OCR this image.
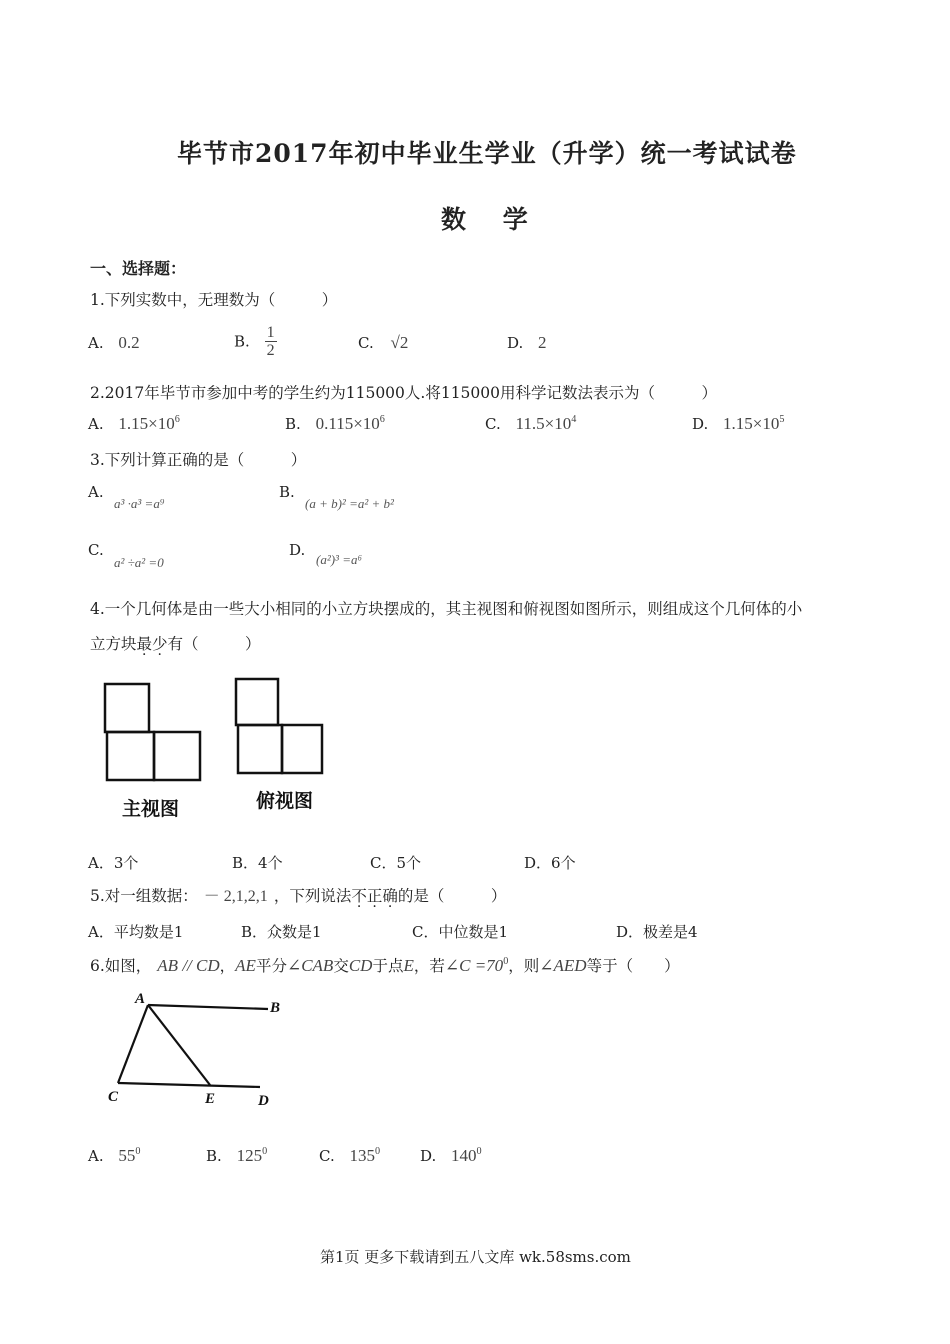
毕节市2017年初中毕业生学业（升学）统一考试试卷
数 学
一、选择题：
1.下列实数中，无理数为（　　　）
A. 0.2	B. $\frac{1}{2}$	C. √2	D. 2
2.2017年毕节市参加中考的学生约为115000人.将115000用科学记数法表示为（　　　）
A. $1.15\times 10^6$	B. $0.115\times 10^6$	C. $11.5\times 10^4$	D. $1.15\times 10^5$
3.下列计算正确的是（　　　）
A.
a³ ·a³ =a⁹
B.
(a + b)² =a² + b²
C.
a² ÷a² =0
D.
(a²)³ =a⁶
4.一个几何体是由一些大小相同的小立方块摆成的，其主视图和俯视图如图所示，则组成这个几何体的小
立方块最少有（　　　）
主视图	俯视图
A．3个	B．4个	C．5个	D．6个
5.对一组数据： － 2,1,2,1 ，下列说法不正确的是（　　　）
A．平均数是1	B．众数是1	C．中位数是1	D．极差是4
6.如图， AB // CD，AE平分∠CAB交CD于点E，若∠C $=70^0$，则∠AED等于（　　）
A
B
C	E	D
A. $55^0$	B. $125^0$	C. $135^0$	D. $140^0$
第1页 更多下载请到五八文库 wk.58sms.com
